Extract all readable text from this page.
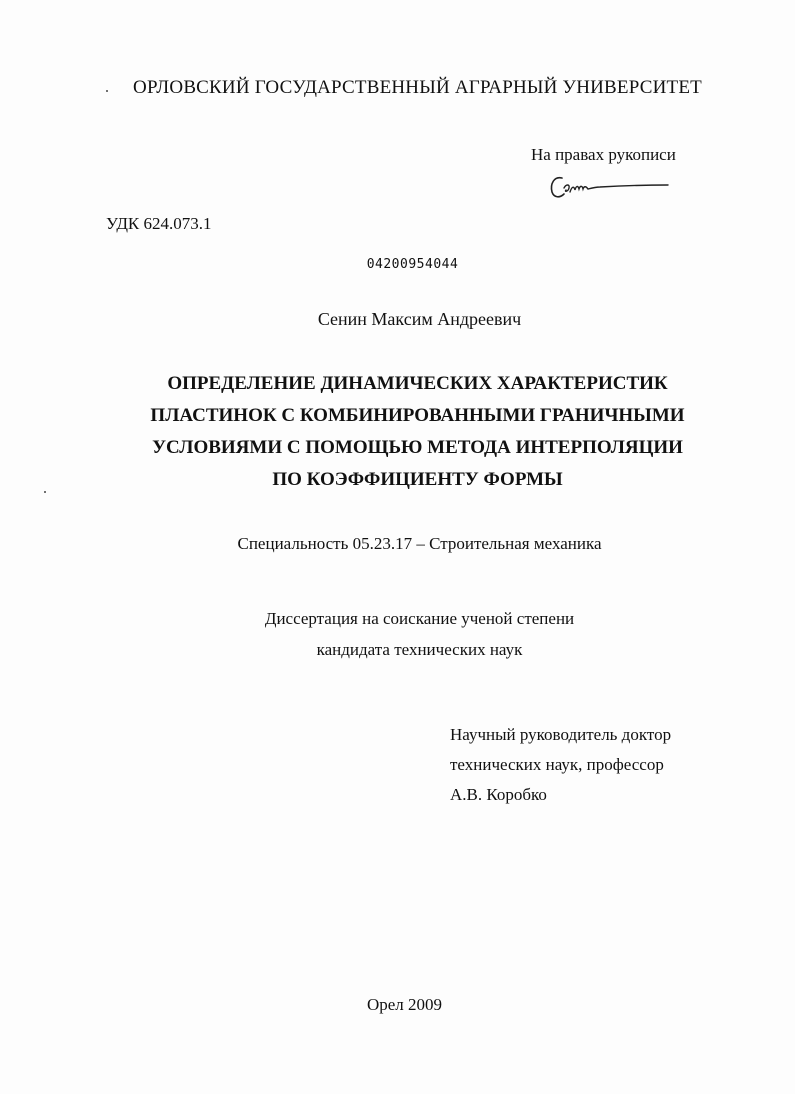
ОРЛОВСКИЙ ГОСУДАРСТВЕННЫЙ АГРАРНЫЙ УНИВЕРСИТЕТ
На правах рукописи
УДК 624.073.1
04200954044
Сенин Максим Андреевич
ОПРЕДЕЛЕНИЕ ДИНАМИЧЕСКИХ ХАРАКТЕРИСТИК
ПЛАСТИНОК С КОМБИНИРОВАННЫМИ ГРАНИЧНЫМИ
УСЛОВИЯМИ С ПОМОЩЬЮ МЕТОДА ИНТЕРПОЛЯЦИИ
ПО КОЭФФИЦИЕНТУ ФОРМЫ
Специальность 05.23.17 – Строительная механика
Диссертация на соискание ученой степени
кандидата технических наук
Научный руководитель доктор
технических наук, профессор
А.В. Коробко
Орел 2009
